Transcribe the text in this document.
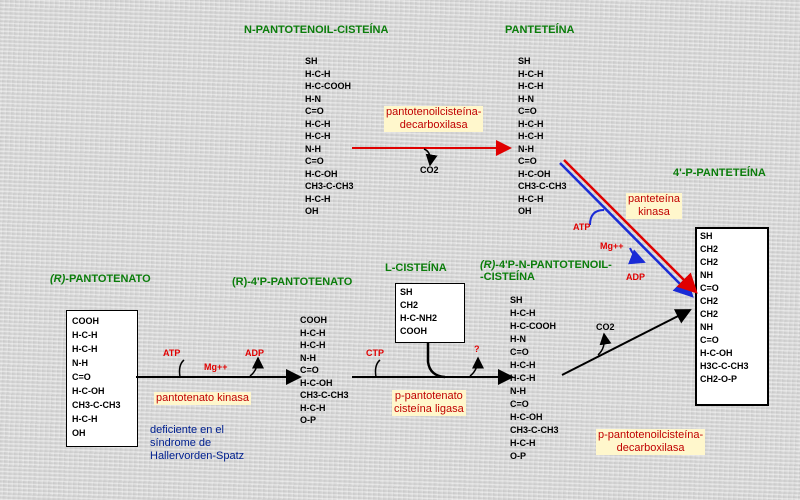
N-PANTOTENOIL-CISTEÍNA	PANTETEÍNA
4'-P-PANTETEÍNA
(R)-PANTOTENATO	(R)-4'P-PANTOTENATO
L-CISTEÍNA	(R)-4'P-N-PANTOTENOIL-
-CISTEÍNA
SH
H-C-H
H-C-COOH
H-N
C=O
H-C-H
H-C-H
N-H
C=O
H-C-OH
CH3-C-CH3
H-C-H
OH
SH
H-C-H
H-C-H
H-N
C=O
H-C-H
H-C-H
N-H
C=O
H-C-OH
CH3-C-CH3
H-C-H
OH
SH
CH2
CH2
NH
C=O
CH2
CH2
NH
C=O
H-C-OH
H3C-C-CH3
CH2-O-P
COOH
H-C-H
H-C-H
N-H
C=O
H-C-OH
CH3-C-CH3
H-C-H
OH
COOH
H-C-H
H-C-H
N-H
C=O
H-C-OH
CH3-C-CH3
H-C-H
O-P
SH
CH2
H-C-NH2
COOH
SH
H-C-H
H-C-COOH
H-N
C=O
H-C-H
H-C-H
N-H
C=O
H-C-OH
CH3-C-CH3
H-C-H
O-P
ATP
Mg++
ADP	CTP	?
CO2
CO2
ATP
Mg++
ADP
pantotenato kinasa	p-pantotenato
cisteína ligasa
pantotenoilcisteína-
decarboxilasa
panteteína
kinasa
p-pantotenoilcisteína-
decarboxilasa
deficiente en el
síndrome de
Hallervorden-Spatz
